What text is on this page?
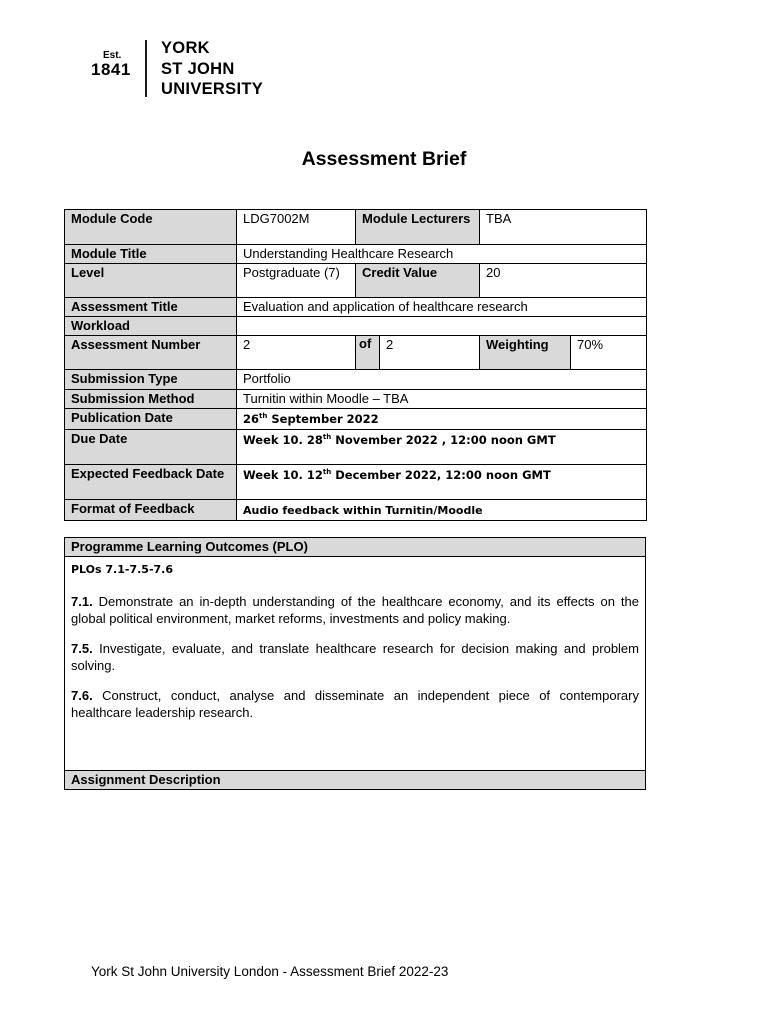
Est.
1841
YORK
ST JOHN
UNIVERSITY
Assessment Brief
Module Code	LDG7002M	Module Lecturers		TBA	
Module Title	Understanding Healthcare Research				
Level	Postgraduate (7)	Credit Value		20	
Assessment Title	Evaluation and application of healthcare research				
Workload					
Assessment Number	2	of	2	Weighting	70%
Submission Type	Portfolio				
Submission Method	Turnitin within Moodle – TBA				
Publication Date	26th September 2022				
Due Date	Week 10. 28th November 2022 , 12:00 noon GMT				
Expected Feedback Date	Week 10. 12th December 2022, 12:00 noon GMT				
Format of Feedback	Audio feedback within Turnitin/Moodle				
Programme Learning Outcomes (PLO)

PLOs 7.1-7.5-7.6

7.1. Demonstrate an in-depth understanding of the healthcare economy, and its effects on the global political environment, market reforms, investments and policy making.

7.5. Investigate, evaluate, and translate healthcare research for decision making and problem solving.

7.6. Construct, conduct, analyse and disseminate an independent piece of contemporary healthcare leadership research.

Assignment Description
York St John University London - Assessment Brief 2022-23
